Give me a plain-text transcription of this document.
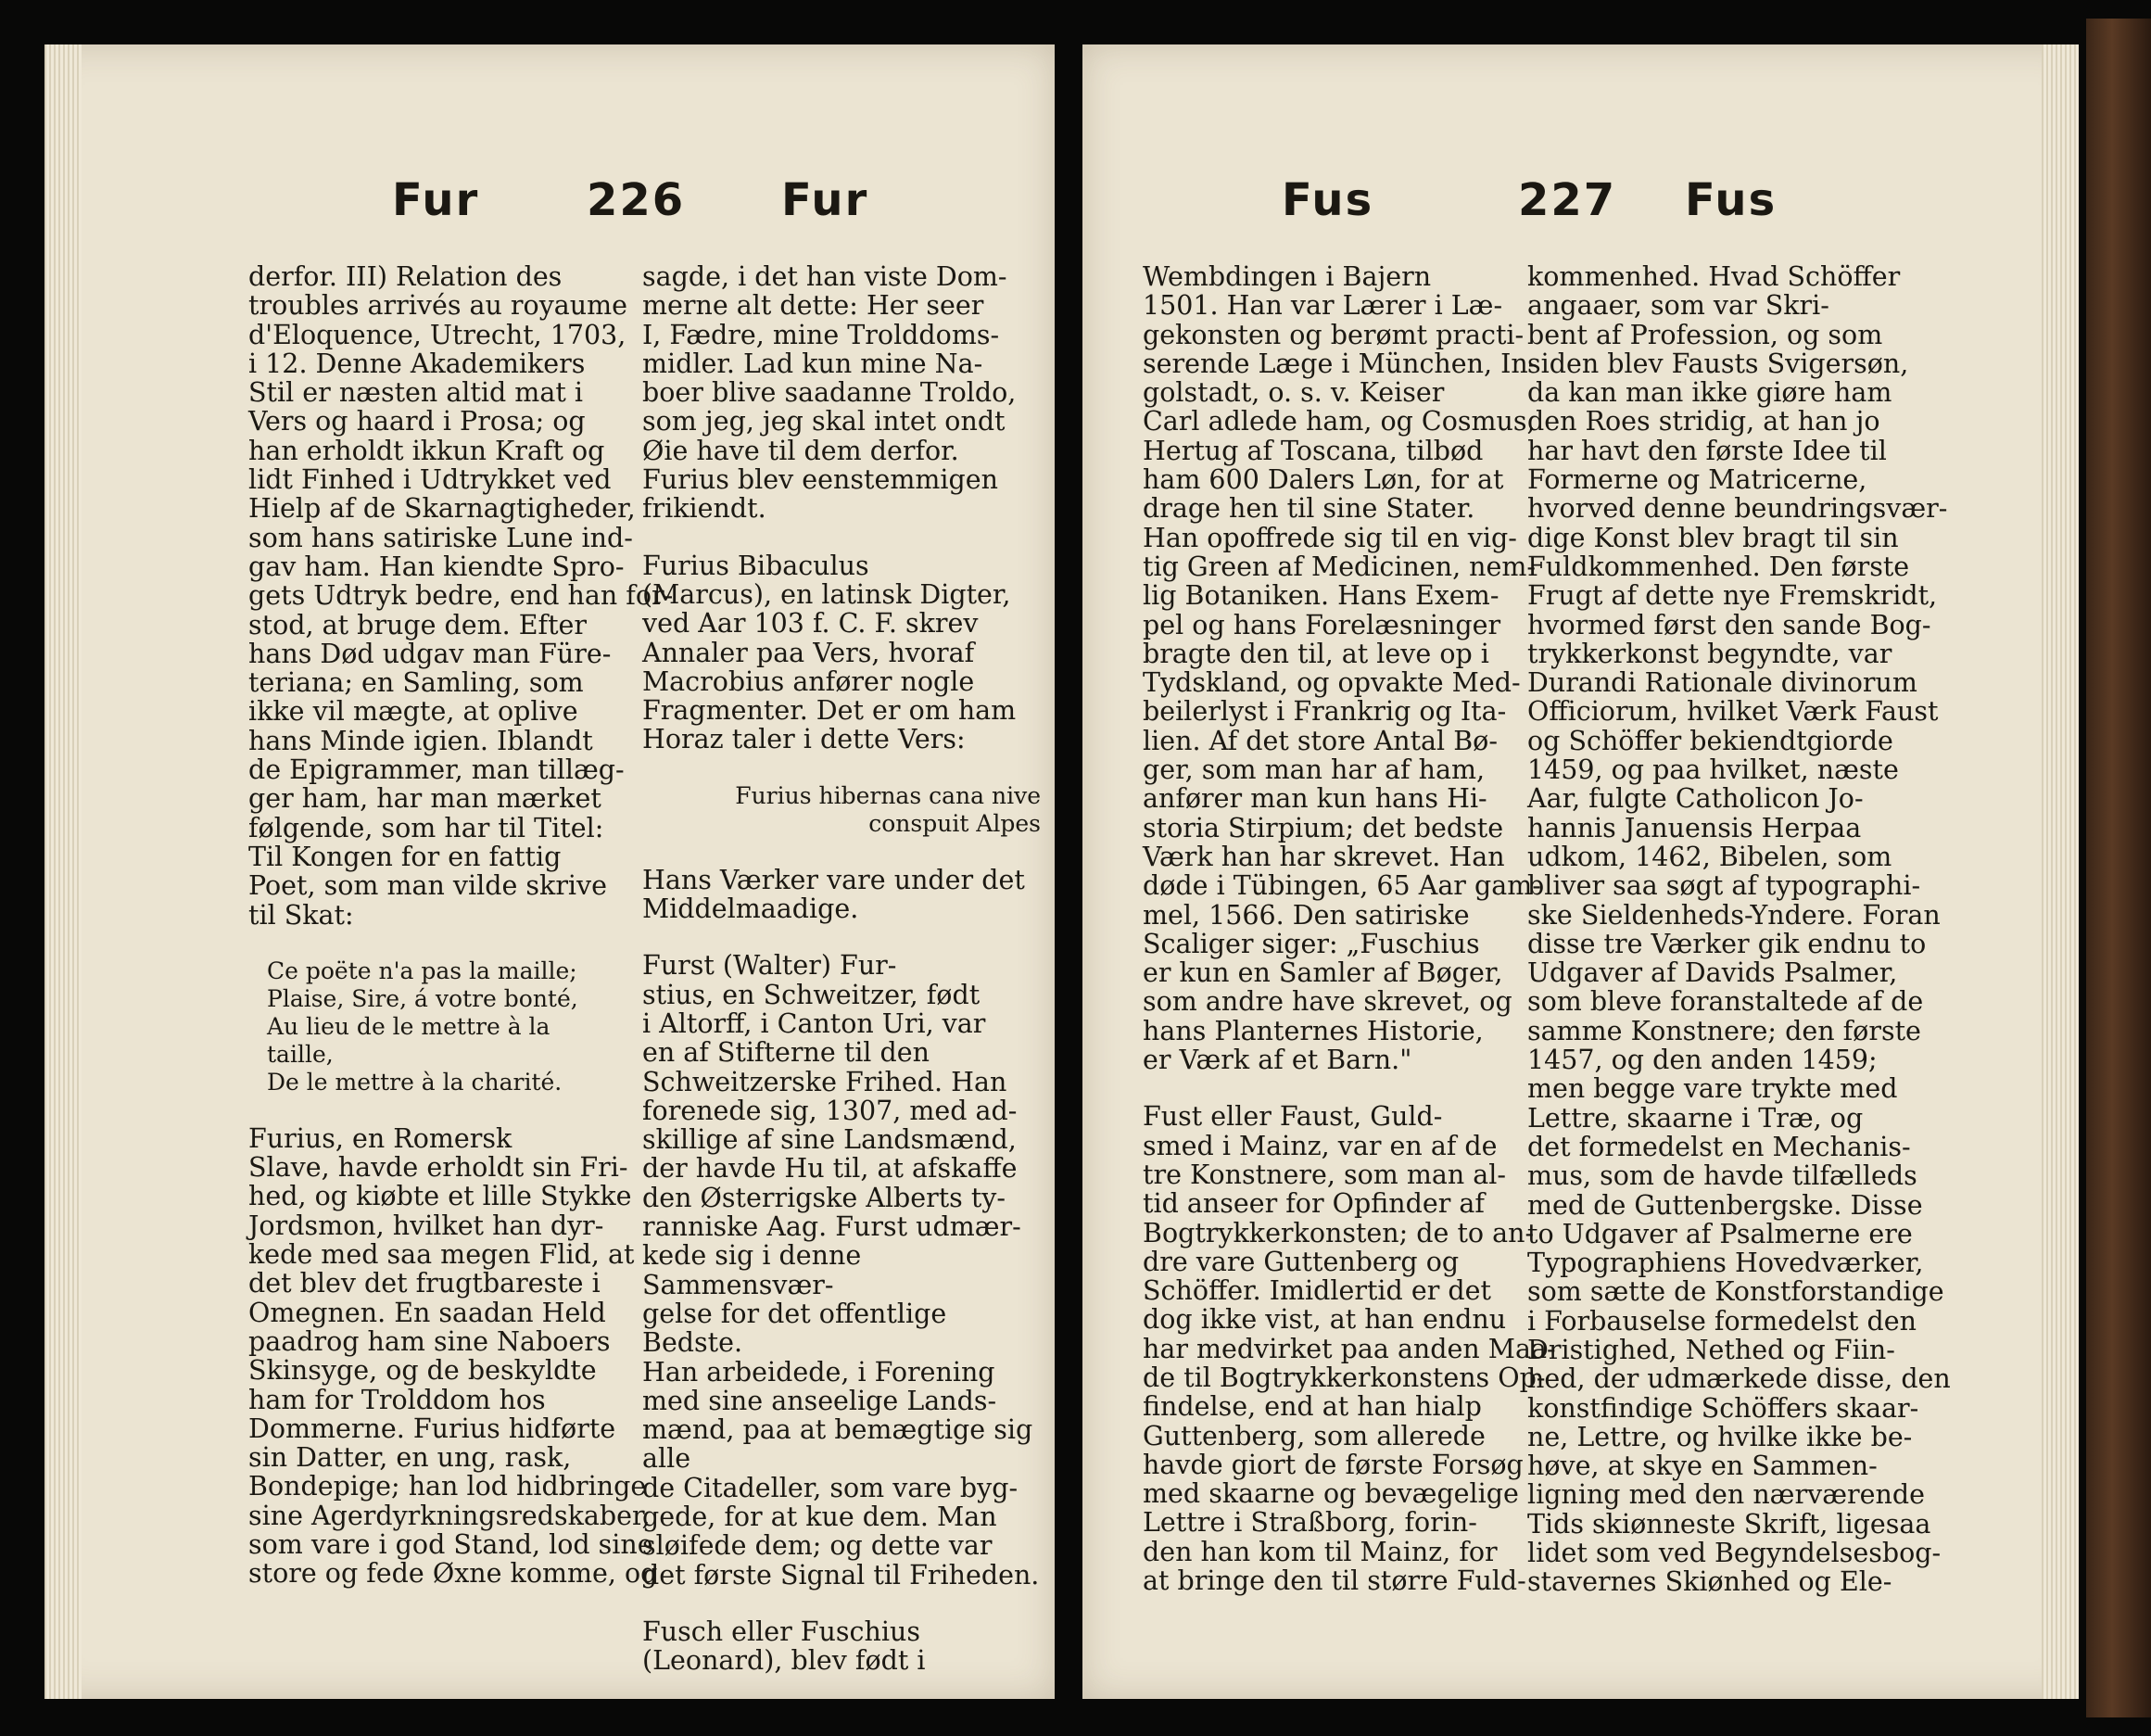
Fur 226 Fur

derfor. III) Relation des

troubles arrivés au royaume

d'Eloquence, Utrecht, 1703,

i 12. Denne Akademikers

Stil er næsten altid mat i

Vers og haard i Prosa; og

han erholdt ikkun Kraft og

lidt Finhed i Udtrykket ved

Hielp af de Skarnagtigheder,

som hans satiriske Lune ind-

gav ham. Han kiendte Spro-

gets Udtryk bedre, end han for-

stod, at bruge dem. Efter

hans Død udgav man Füre-

teriana; en Samling, som

ikke vil mægte, at oplive

hans Minde igien. Iblandt

de Epigrammer, man tillæg-

ger ham, har man mærket

følgende, som har til Titel:

Til Kongen for en fattig

Poet, som man vilde skrive

til Skat:

Ce poëte n'a pas la maille;

Plaise, Sire, á votre bonté,

Au lieu de le mettre à la

taille,

De le mettre à la charité.

Furius, en Romersk

Slave, havde erholdt sin Fri-

hed, og kiøbte et lille Stykke

Jordsmon, hvilket han dyr-

kede med saa megen Flid, at

det blev det frugtbareste i

Omegnen. En saadan Held

paadrog ham sine Naboers

Skinsyge, og de beskyldte

ham for Trolddom hos

Dommerne. Furius hidførte

sin Datter, en ung, rask,

Bondepige; han lod hidbringe

sine Agerdyrkningsredskaber,

som vare i god Stand, lod sine

store og fede Øxne komme, og

sagde, i det han viste Dom-

merne alt dette: Her seer

I, Fædre, mine Trolddoms-

midler. Lad kun mine Na-

boer blive saadanne Troldo,

som jeg, jeg skal intet ondt

Øie have til dem derfor.

Furius blev eenstemmigen

frikiendt.

Furius Bibaculus

(Marcus), en latinsk Digter,

ved Aar 103 f. C. F. skrev

Annaler paa Vers, hvoraf

Macrobius anfører nogle

Fragmenter. Det er om ham

Horaz taler i dette Vers:

Furius hibernas cana nive

conspuit Alpes

Hans Værker vare under det

Middelmaadige.

Furst (Walter) Fur-

stius, en Schweitzer, født

i Altorff, i Canton Uri, var

en af Stifterne til den

Schweitzerske Frihed. Han

forenede sig, 1307, med ad-

skillige af sine Landsmænd,

der havde Hu til, at afskaffe

den Østerrigske Alberts ty-

ranniske Aag. Furst udmær-

kede sig i denne Sammensvær-

gelse for det offentlige Bedste.

Han arbeidede, i Forening

med sine anseelige Lands-

mænd, paa at bemægtige sig alle

de Citadeller, som vare byg-

gede, for at kue dem. Man

sløifede dem; og dette var

det første Signal til Friheden.

Fusch eller Fuschius

(Leonard), blev født i

Fus	227 Fus

Wembdingen i Bajern

1501. Han var Lærer i Læ-

gekonsten og berømt practi-

serende Læge i München, In-

golstadt, o. s. v. Keiser

Carl adlede ham, og Cosmus,

Hertug af Toscana, tilbød

ham 600 Dalers Løn, for at

drage hen til sine Stater.

Han opoffrede sig til en vig-

tig Green af Medicinen, nem-

lig Botaniken. Hans Exem-

pel og hans Forelæsninger

bragte den til, at leve op i

Tydskland, og opvakte Med-

beilerlyst i Frankrig og Ita-

lien. Af det store Antal Bø-

ger, som man har af ham,

anfører man kun hans Hi-

storia Stirpium; det bedste

Værk han har skrevet. Han

døde i Tübingen, 65 Aar gam-

mel, 1566. Den satiriske

Scaliger siger: „Fuschius

er kun en Samler af Bøger,

som andre have skrevet, og

hans Planternes Historie,

er Værk af et Barn."

Fust eller Faust, Guld-

smed i Mainz, var en af de

tre Konstnere, som man al-

tid anseer for Opfinder af

Bogtrykkerkonsten; de to an-

dre vare Guttenberg og

Schöffer. Imidlertid er det

dog ikke vist, at han endnu

har medvirket paa anden Maa-

de til Bogtrykkerkonstens Op-

findelse, end at han hialp

Guttenberg, som allerede

havde giort de første Forsøg

med skaarne og bevægelige

Lettre i Straßborg, forin-

den han kom til Mainz, for

at bringe den til større Fuld-

kommenhed. Hvad Schöffer

angaaer, som var Skri-

bent af Profession, og som

siden blev Fausts Svigersøn,

da kan man ikke giøre ham

den Roes stridig, at han jo

har havt den første Idee til

Formerne og Matricerne,

hvorved denne beundringsvær-

dige Konst blev bragt til sin

Fuldkommenhed. Den første

Frugt af dette nye Fremskridt,

hvormed først den sande Bog-

trykkerkonst begyndte, var

Durandi Rationale divinorum

Officiorum, hvilket Værk Faust

og Schöffer bekiendtgiorde

1459, og paa hvilket, næste

Aar, fulgte Catholicon Jo-

hannis Januensis Herpaa

udkom, 1462, Bibelen, som

bliver saa søgt af typographi-

ske Sieldenheds-Yndere. Foran

disse tre Værker gik endnu to

Udgaver af Davids Psalmer,

som bleve foranstaltede af de

samme Konstnere; den første

1457, og den anden 1459;

men begge vare trykte med

Lettre, skaarne i Træ, og

det formedelst en Mechanis-

mus, som de havde tilfælleds

med de Guttenbergske. Disse

to Udgaver af Psalmerne ere

Typographiens Hovedværker,

som sætte de Konstforstandige

i Forbauselse formedelst den

Dristighed, Nethed og Fiin-

hed, der udmærkede disse, den

konstfindige Schöffers skaar-

ne, Lettre, og hvilke ikke be-

høve, at skye en Sammen-

ligning med den nærværende

Tids skiønneste Skrift, ligesaa

lidet som ved Begyndelsesbog-

stavernes Skiønhed og Ele-
